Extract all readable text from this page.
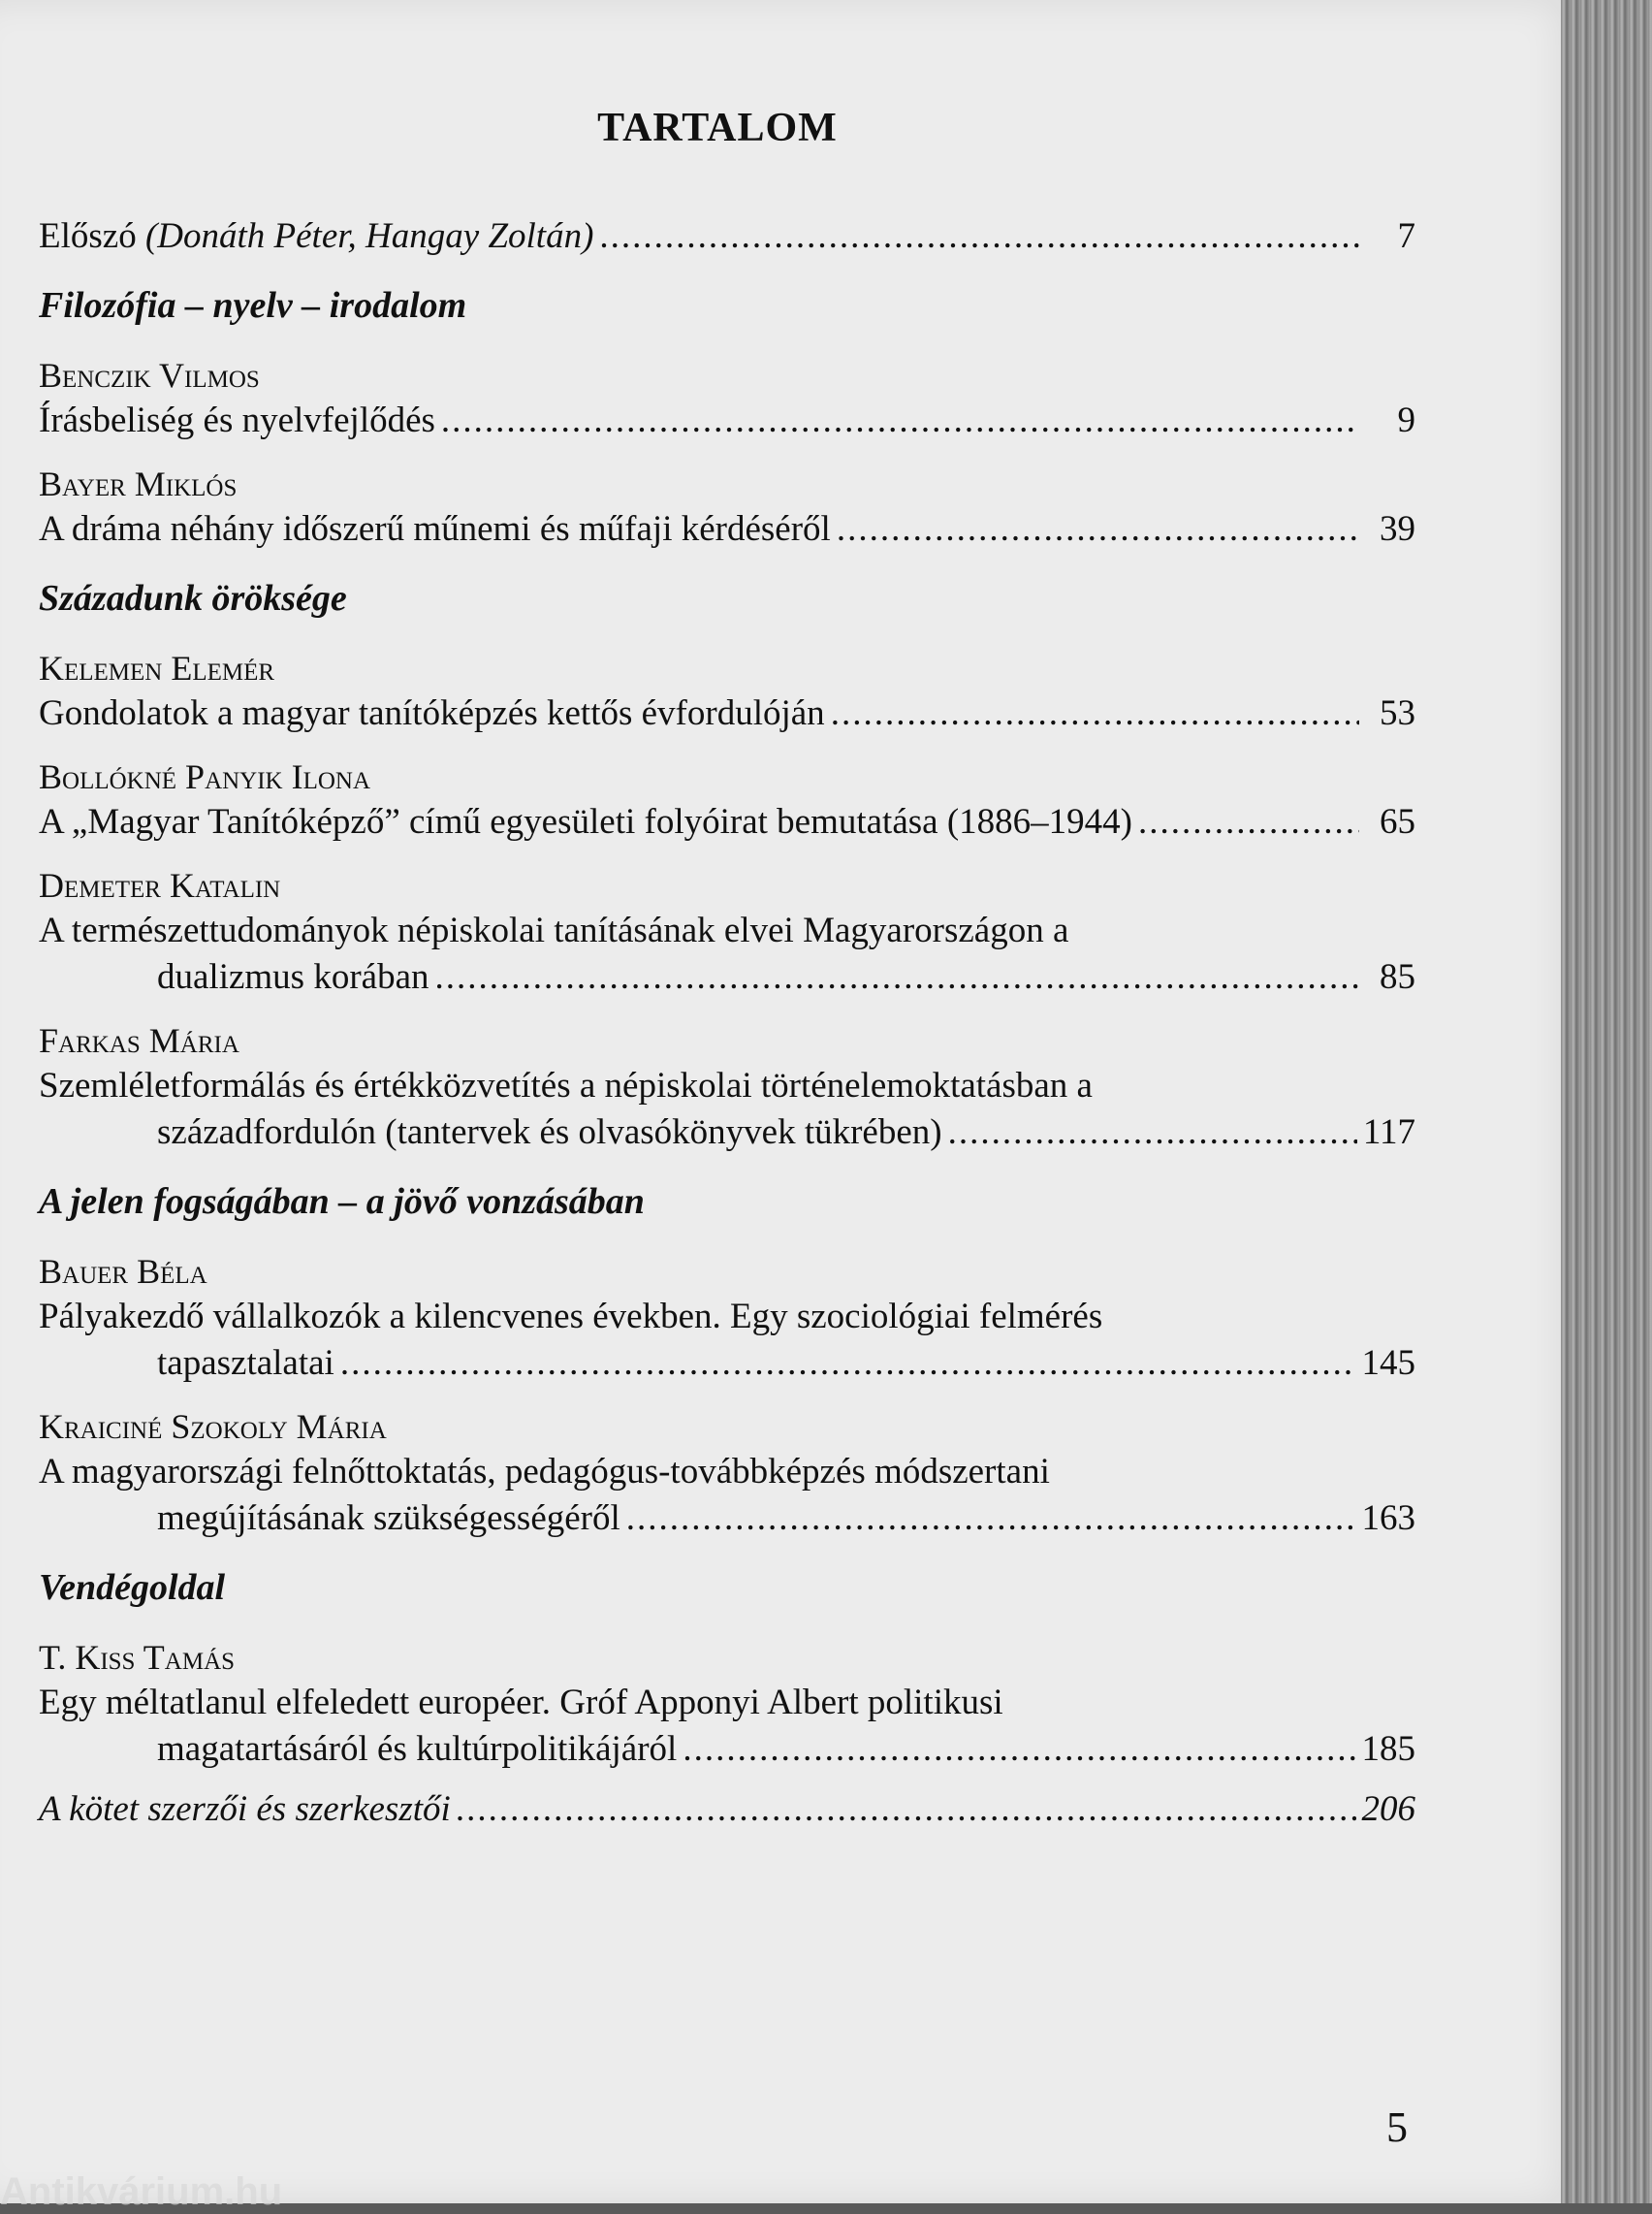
TARTALOM
Előszó (Donáth Péter, Hangay Zoltán) .....	7
Filozófia – nyelv – irodalom
Benczik Vilmos
Írásbeliség és nyelvfejlődés .....	9
Bayer Miklós
A dráma néhány időszerű műnemi és műfaji kérdéséről .....	39
Századunk öröksége
Kelemen Elemér
Gondolatok a magyar tanítóképzés kettős évfordulóján .....	53
Bollókné Panyik Ilona
A „Magyar Tanítóképző” című egyesületi folyóirat bemutatása (1886–1944) .....	65
Demeter Katalin
A természettudományok népiskolai tanításának elvei Magyarországon a
dualizmus korában .....	85
Farkas Mária
Szemléletformálás és értékközvetítés a népiskolai történelemoktatásban a
századfordulón (tantervek és olvasókönyvek tükrében) .....	117
A jelen fogságában – a jövő vonzásában
Bauer Béla
Pályakezdő vállalkozók a kilencvenes években. Egy szociológiai felmérés
tapasztalatai .....	145
Kraiciné Szokoly Mária
A magyarországi felnőttoktatás, pedagógus-továbbképzés módszertani
megújításának szükségességéről .....	163
Vendégoldal
T. Kiss Tamás
Egy méltatlanul elfeledett européer. Gróf Apponyi Albert politikusi
magatartásáról és kultúrpolitikájáról .....	185
A kötet szerzői és szerkesztői .....	206
5
Antikvárium.hu
